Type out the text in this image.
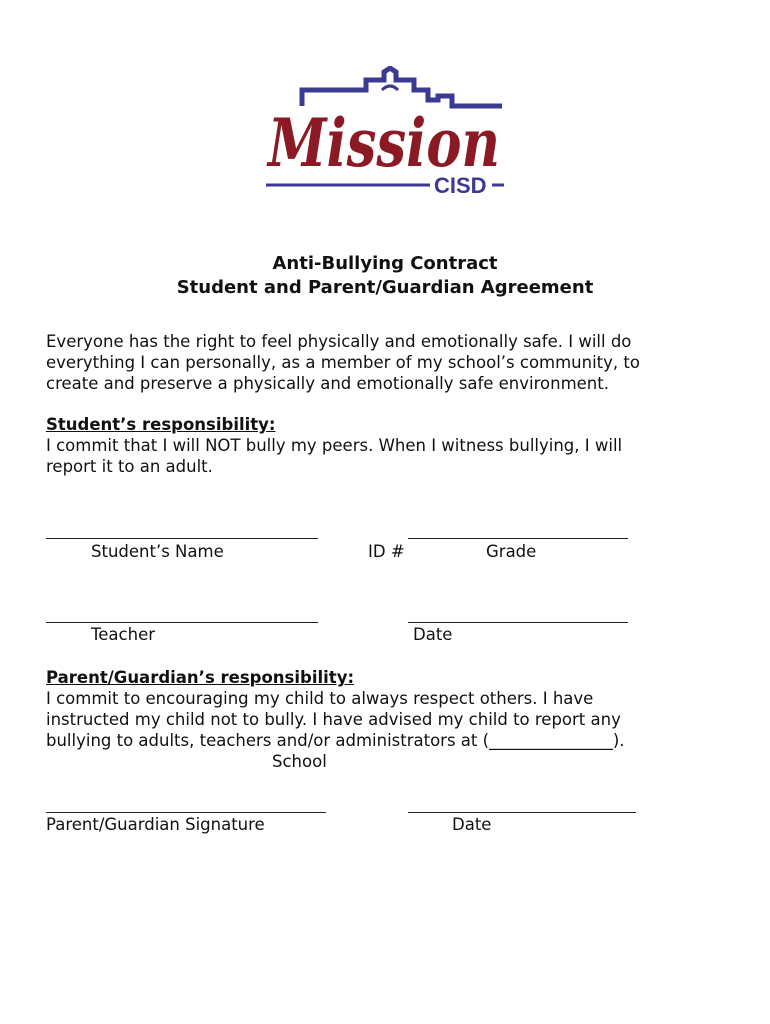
Mission
CISD
Anti-Bullying Contract
Student and Parent/Guardian Agreement
Everyone has the right to feel physically and emotionally safe. I will do
everything I can personally, as a member of my school’s community, to
create and preserve a physically and emotionally safe environment.
Student’s responsibility:
I commit that I will NOT bully my peers. When I witness bullying, I will
report it to an adult.
Student’s Name	ID #	Grade
Teacher	Date
Parent/Guardian’s responsibility:
I commit to encouraging my child to always respect others. I have
instructed my child not to bully. I have advised my child to report any
bullying to adults, teachers and/or administrators at (_______________).
School
Parent/Guardian Signature	Date
